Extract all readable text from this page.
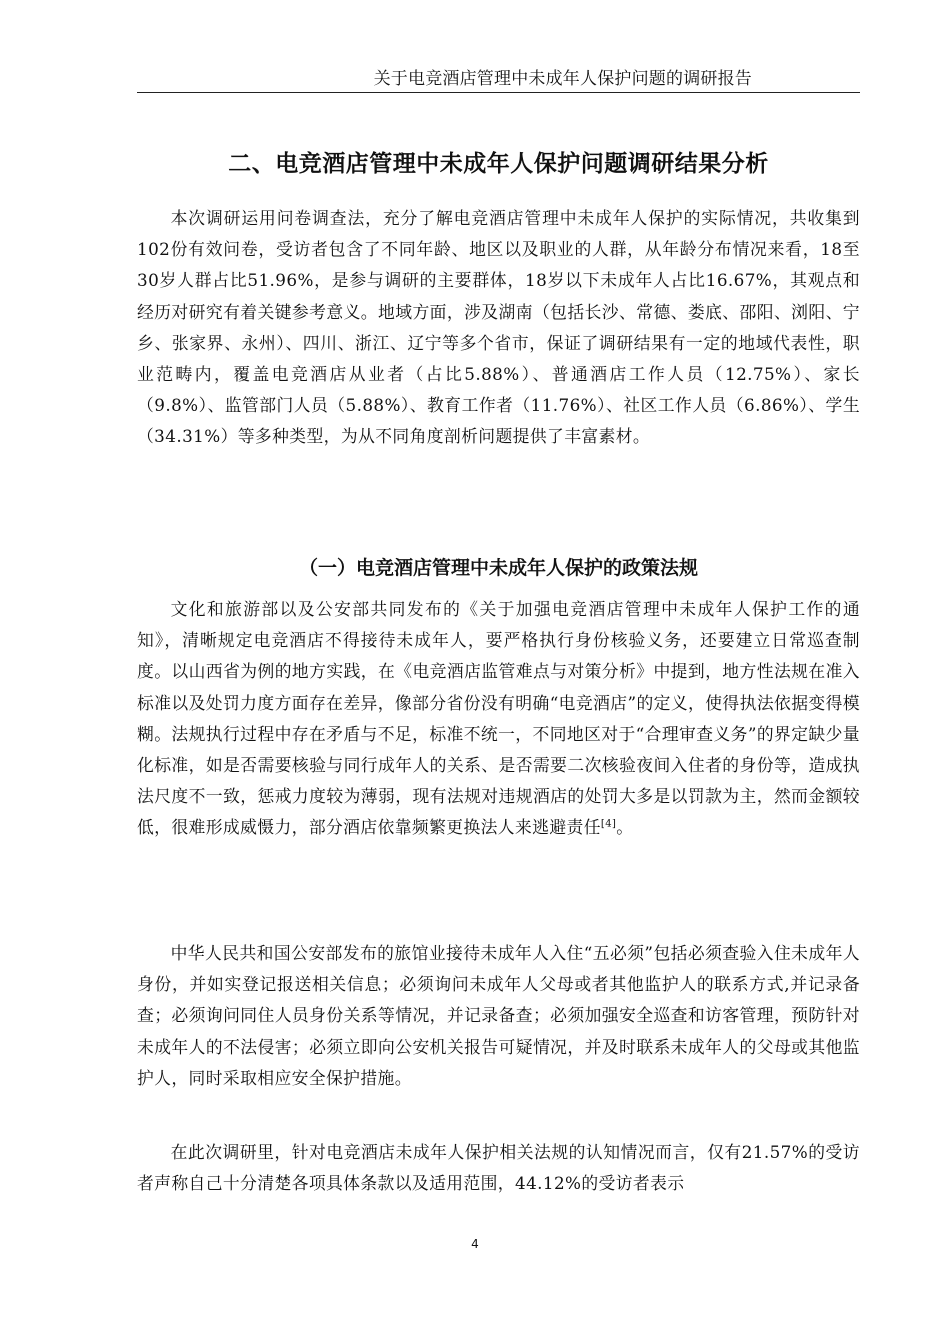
关于电竞酒店管理中未成年人保护问题的调研报告
二、电竞酒店管理中未成年人保护问题调研结果分析

本次调研运用问卷调查法，充分了解电竞酒店管理中未成年人保护的实际情况，共收集到102份有效问卷，受访者包含了不同年龄、地区以及职业的人群，从年龄分布情况来看，18至30岁人群占比51.96%，是参与调研的主要群体，18岁以下未成年人占比16.67%，其观点和经历对研究有着关键参考意义。地域方面，涉及湖南（包括长沙、常德、娄底、邵阳、浏阳、宁乡、张家界、永州）、四川、浙江、辽宁等多个省市，保证了调研结果有一定的地域代表性，职业范畴内，覆盖电竞酒店从业者（占比5.88%）、普通酒店工作人员（12.75%）、家长（9.8%）、监管部门人员（5.88%）、教育工作者（11.76%）、社区工作人员（6.86%）、学生（34.31%）等多种类型，为从不同角度剖析问题提供了丰富素材。

（一）电竞酒店管理中未成年人保护的政策法规

文化和旅游部以及公安部共同发布的《关于加强电竞酒店管理中未成年人保护工作的通知》，清晰规定电竞酒店不得接待未成年人，要严格执行身份核验义务，还要建立日常巡查制度。以山西省为例的地方实践，在《电竞酒店监管难点与对策分析》中提到，地方性法规在准入标准以及处罚力度方面存在差异，像部分省份没有明确“电竞酒店”的定义，使得执法依据变得模糊。法规执行过程中存在矛盾与不足，标准不统一，不同地区对于“合理审查义务”的界定缺少量化标准，如是否需要核验与同行成年人的关系、是否需要二次核验夜间入住者的身份等，造成执法尺度不一致，惩戒力度较为薄弱，现有法规对违规酒店的处罚大多是以罚款为主，然而金额较低，很难形成威慑力，部分酒店依靠频繁更换法人来逃避责任[4]。

中华人民共和国公安部发布的旅馆业接待未成年人入住“五必须”包括必须查验入住未成年人身份，并如实登记报送相关信息；必须询问未成年人父母或者其他监护人的联系方式,并记录备查；必须询问同住人员身份关系等情况，并记录备查；必须加强安全巡查和访客管理，预防针对未成年人的不法侵害；必须立即向公安机关报告可疑情况，并及时联系未成年人的父母或其他监护人，同时采取相应安全保护措施。

在此次调研里，针对电竞酒店未成年人保护相关法规的认知情况而言，仅有21.57%的受访者声称自己十分清楚各项具体条款以及适用范围，44.12%的受访者表示

4
